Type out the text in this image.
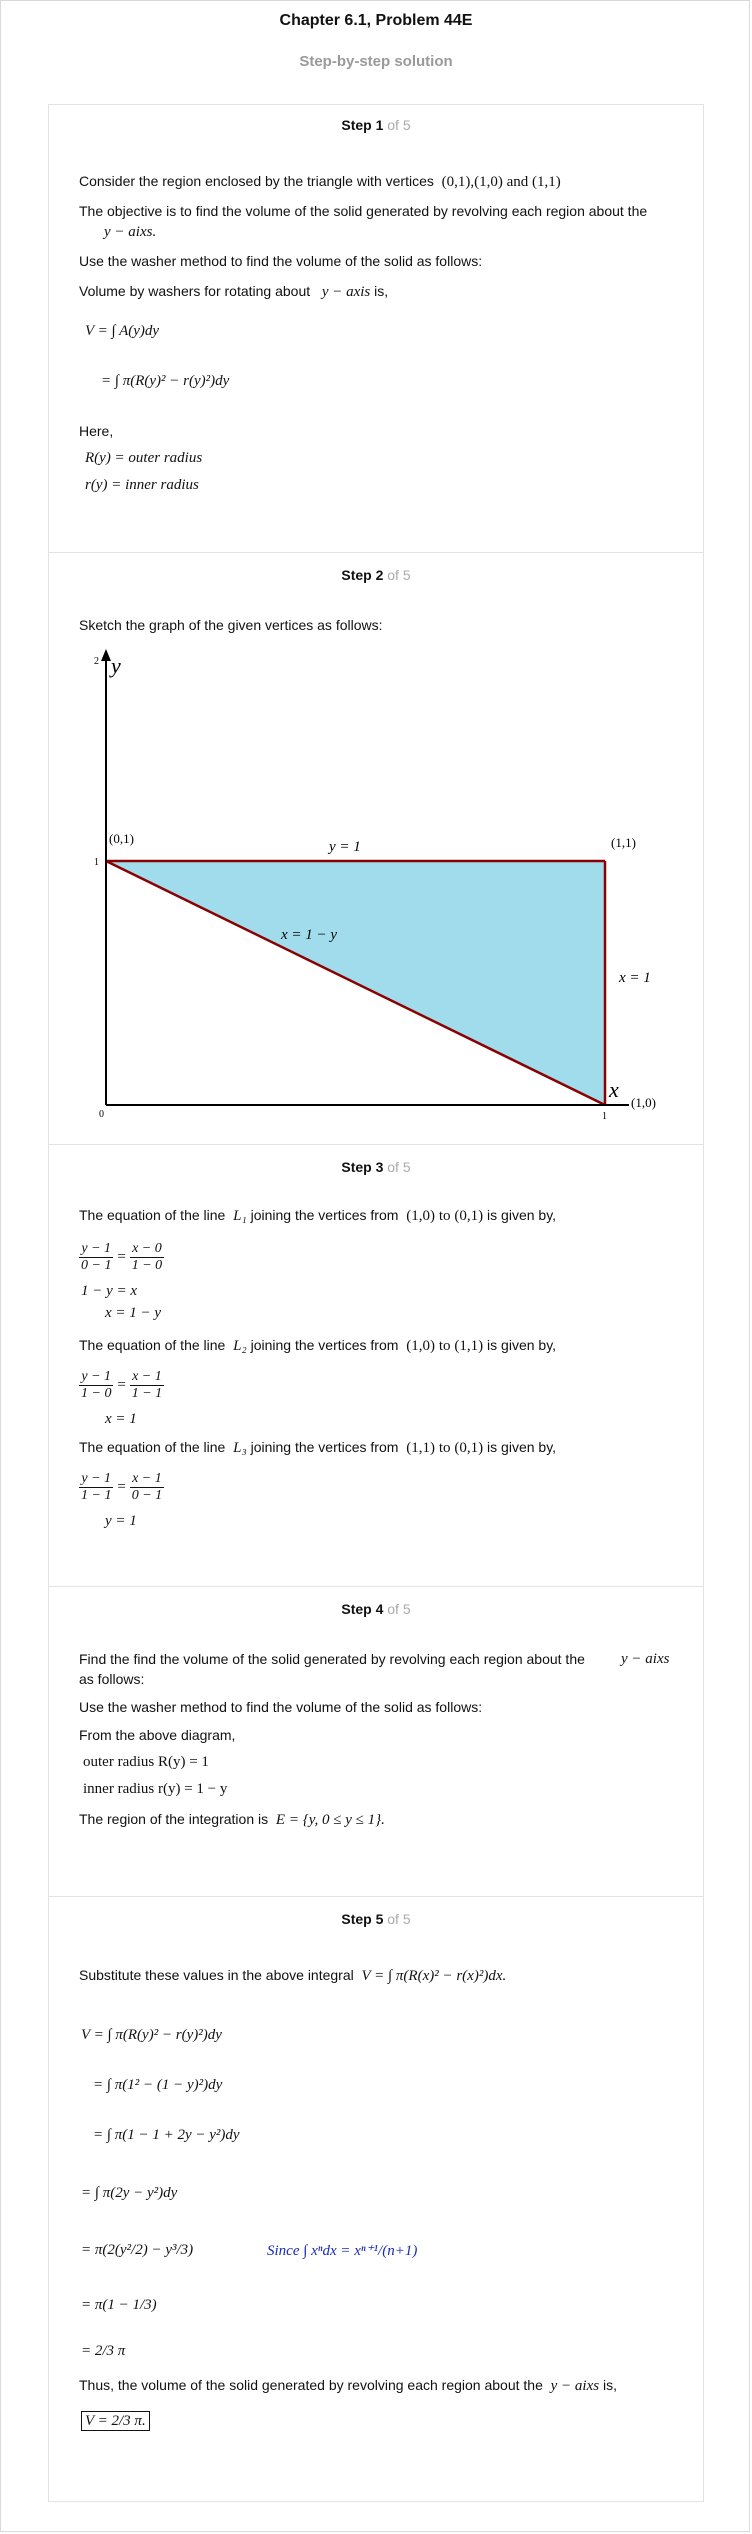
Chapter 6.1, Problem 44E
Step-by-step solution
Step 1 of 5
Consider the region enclosed by the triangle with vertices (0,1),(1,0) and (1,1)
The objective is to find the volume of the solid generated by revolving each region about the
y − aixs.
Use the washer method to find the volume of the solid as follows:
Volume by washers for rotating about y − axis is,
V = ∫ A(y)dy
= ∫ π(R(y)² − r(y)²)dy
Here,
R(y) = outer radius
r(y) = inner radius
Step 2 of 5
Sketch the graph of the given vertices as follows:
y
x
2
1
0	1
(0,1)	(1,1)
(1,0)
y = 1
x = 1
x = 1 − y
Step 3 of 5
The equation of the line L₁ joining the vertices from (1,0) to (0,1) is given by,
$\frac{y - 1}{0 - 1} = \frac{x - 0}{1 - 0}$
1 − y = x
x = 1 − y
The equation of the line L₂ joining the vertices from (1,0) to (1,1) is given by,
$\frac{y - 1}{1 - 0} = \frac{x - 1}{1 - 1}$
x = 1
The equation of the line L₃ joining the vertices from (1,1) to (0,1) is given by,
$\frac{y - 1}{1 - 1} = \frac{x - 1}{0 - 1}$
y = 1
Step 4 of 5
Find the find the volume of the solid generated by revolving each region about the y − aixs
as follows:
Use the washer method to find the volume of the solid as follows:
From the above diagram,
outer radius R(y) = 1
inner radius r(y) = 1 − y
The region of the integration is E = {y, 0 ≤ y ≤ 1}.
Step 5 of 5
Substitute these values in the above integral V = ∫ π(R(x)² − r(x)²)dx.
V = ∫ π(R(y)² − r(y)²)dy
= ∫ π(1² − (1 − y)²)dy
= ∫ π(1 − 1 + 2y − y²)dy
= ∫ π(2y − y²)dy
= π(2(y²/2) − y³/3)	Since ∫ xⁿdx = xⁿ⁺¹/(n+1)
= π(1 − 1/3)
= 2/3 π
Thus, the volume of the solid generated by revolving each region about the y − aixs is,
V = 2/3 π.
